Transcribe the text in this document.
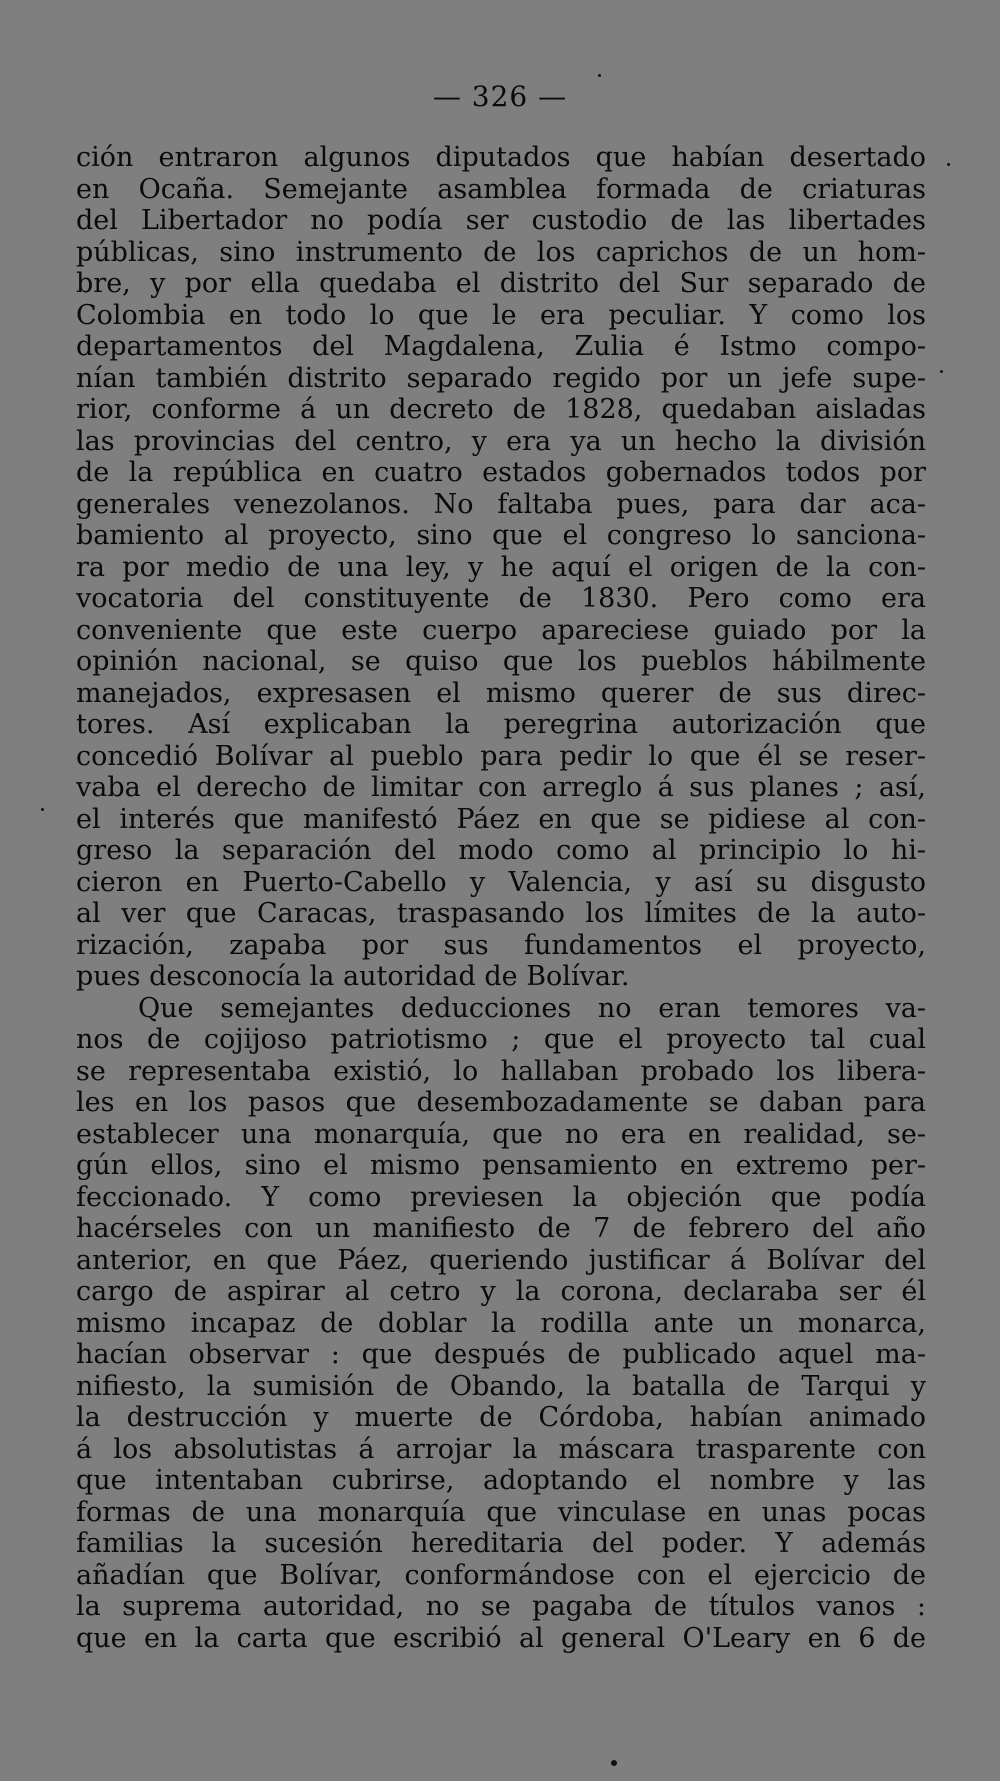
— 326 —
ción entraron algunos diputados que habían desertado
en Ocaña. Semejante asamblea formada de criaturas
del Libertador no podía ser custodio de las libertades
públicas, sino instrumento de los caprichos de un hom-
bre, y por ella quedaba el distrito del Sur separado de
Colombia en todo lo que le era peculiar. Y como los
departamentos del Magdalena, Zulia é Istmo compo-
nían también distrito separado regido por un jefe supe-
rior, conforme á un decreto de 1828, quedaban aisladas
las provincias del centro, y era ya un hecho la división
de la república en cuatro estados gobernados todos por
generales venezolanos. No faltaba pues, para dar aca-
bamiento al proyecto, sino que el congreso lo sanciona-
ra por medio de una ley, y he aquí el origen de la con-
vocatoria del constituyente de 1830. Pero como era
conveniente que este cuerpo apareciese guiado por la
opinión nacional, se quiso que los pueblos hábilmente
manejados, expresasen el mismo querer de sus direc-
tores. Así explicaban la peregrina autorización que
concedió Bolívar al pueblo para pedir lo que él se reser-
vaba el derecho de limitar con arreglo á sus planes ; así,
el interés que manifestó Páez en que se pidiese al con-
greso la separación del modo como al principio lo hi-
cieron en Puerto-Cabello y Valencia, y así su disgusto
al ver que Caracas, traspasando los límites de la auto-
rización, zapaba por sus fundamentos el proyecto,
pues desconocía la autoridad de Bolívar.
Que semejantes deducciones no eran temores va-
nos de cojijoso patriotismo ; que el proyecto tal cual
se representaba existió, lo hallaban probado los libera-
les en los pasos que desembozadamente se daban para
establecer una monarquía, que no era en realidad, se-
gún ellos, sino el mismo pensamiento en extremo per-
feccionado. Y como previesen la objeción que podía
hacérseles con un manifiesto de 7 de febrero del año
anterior, en que Páez, queriendo justificar á Bolívar del
cargo de aspirar al cetro y la corona, declaraba ser él
mismo incapaz de doblar la rodilla ante un monarca,
hacían observar : que después de publicado aquel ma-
nifiesto, la sumisión de Obando, la batalla de Tarqui y
la destrucción y muerte de Córdoba, habían animado
á los absolutistas á arrojar la máscara trasparente con
que intentaban cubrirse, adoptando el nombre y las
formas de una monarquía que vinculase en unas pocas
familias la sucesión hereditaria del poder. Y además
añadían que Bolívar, conformándose con el ejercicio de
la suprema autoridad, no se pagaba de títulos vanos :
que en la carta que escribió al general O'Leary en 6 de
